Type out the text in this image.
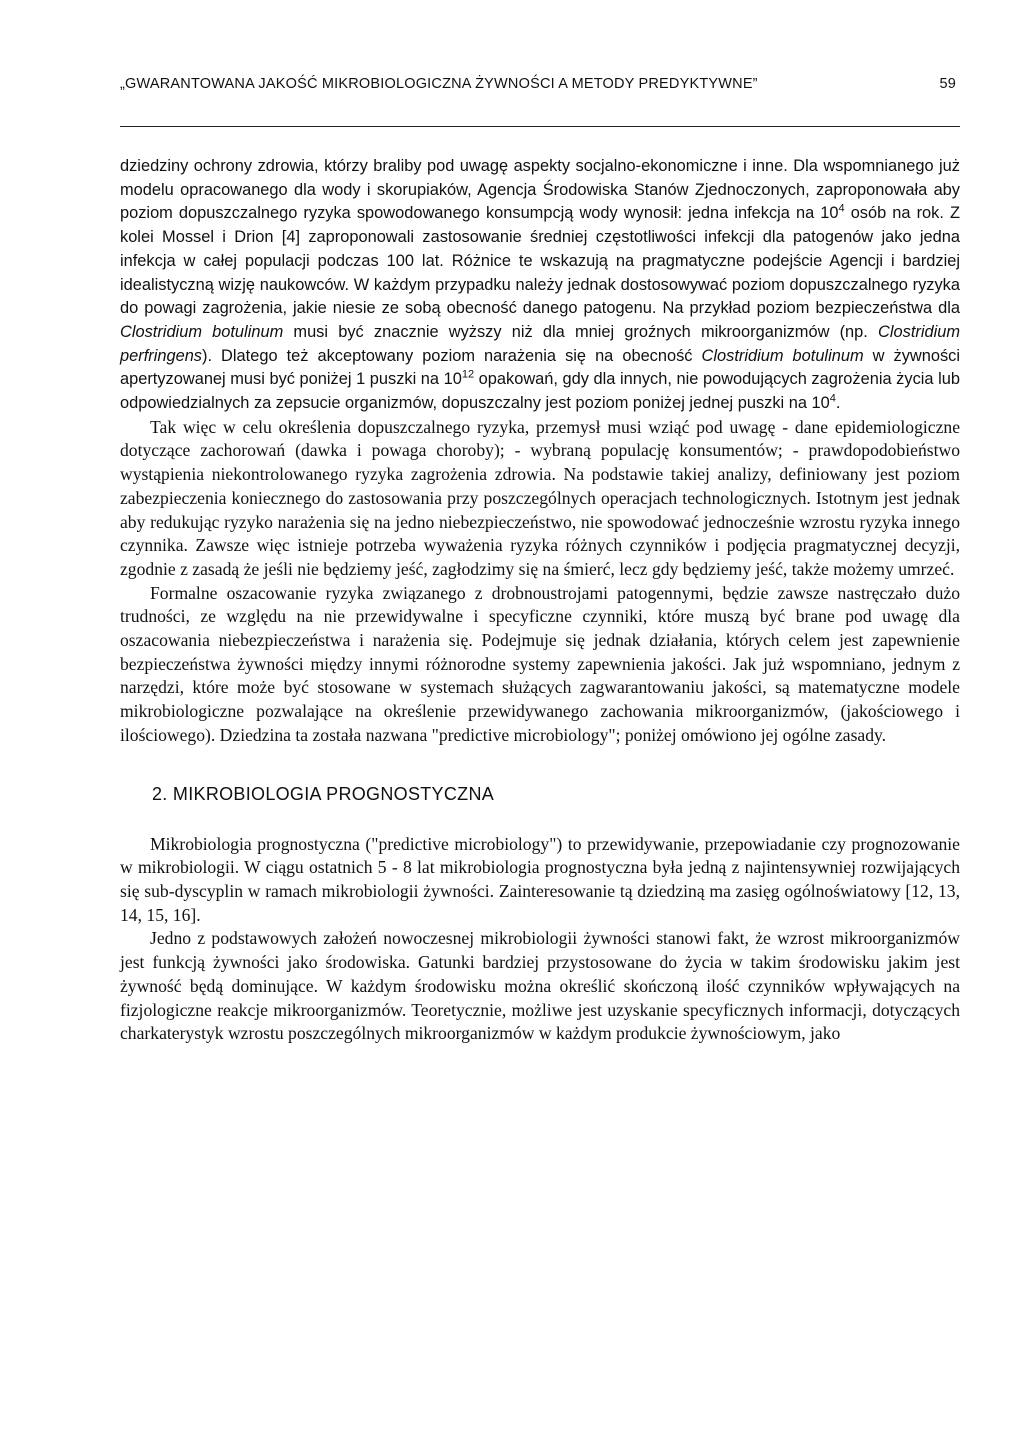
„GWARANTOWANA JAKOŚĆ MIKROBIOLOGICZNA ŻYWNOŚCI A METODY PREDYKTYWNE”	59

dziedziny ochrony zdrowia, którzy braliby pod uwagę aspekty socjalno-ekonomiczne i inne. Dla wspomnianego już modelu opracowanego dla wody i skorupiaków, Agencja Środowiska Stanów Zjednoczonych, zaproponowała aby poziom dopuszczalnego ryzyka spowodowanego konsumpcją wody wynosił: jedna infekcja na $10^4$ osób na rok. Z kolei Mossel i Drion [4] zaproponowali zastosowanie średniej częstotliwości infekcji dla patogenów jako jedna infekcja w całej populacji podczas 100 lat. Różnice te wskazują na pragmatyczne podejście Agencji i bardziej idealistyczną wizję naukowców. W każdym przypadku należy jednak dostosowywać poziom dopuszczalnego ryzyka do powagi zagrożenia, jakie niesie ze sobą obecność danego patogenu. Na przykład poziom bezpieczeństwa dla Clostridium botulinum musi być znacznie wyższy niż dla mniej groźnych mikroorganizmów (np. Clostridium perfringens). Dlatego też akceptowany poziom narażenia się na obecność Clostridium botulinum w żywności apertyzowanej musi być poniżej 1 puszki na $10^{12}$ opakowań, gdy dla innych, nie powodujących zagrożenia życia lub odpowiedzialnych za zepsucie organizmów, dopuszczalny jest poziom poniżej jednej puszki na $10^4$.

Tak więc w celu określenia dopuszczalnego ryzyka, przemysł musi wziąć pod uwagę - dane epidemiologiczne dotyczące zachorowań (dawka i powaga choroby); - wybraną populację konsumentów; - prawdopodobieństwo wystąpienia niekontrolowanego ryzyka zagrożenia zdrowia. Na podstawie takiej analizy, definiowany jest poziom zabezpieczenia koniecznego do zastosowania przy poszczególnych operacjach technologicznych. Istotnym jest jednak aby redukując ryzyko narażenia się na jedno niebezpieczeństwo, nie spowodować jednocześnie wzrostu ryzyka innego czynnika. Zawsze więc istnieje potrzeba wyważenia ryzyka różnych czynników i podjęcia pragmatycznej decyzji, zgodnie z zasadą że jeśli nie będziemy jeść, zagłodzimy się na śmierć, lecz gdy będziemy jeść, także możemy umrzeć.

Formalne oszacowanie ryzyka związanego z drobnoustrojami patogennymi, będzie zawsze nastręczało dużo trudności, ze względu na nie przewidywalne i specyficzne czynniki, które muszą być brane pod uwagę dla oszacowania niebezpieczeństwa i narażenia się. Podejmuje się jednak działania, których celem jest zapewnienie bezpieczeństwa żywności między innymi różnorodne systemy zapewnienia jakości. Jak już wspomniano, jednym z narzędzi, które może być stosowane w systemach służących zagwarantowaniu jakości, są matematyczne modele mikrobiologiczne pozwalające na określenie przewidywanego zachowania mikroorganizmów, (jakościowego i ilościowego). Dziedzina ta została nazwana "predictive microbiology"; poniżej omówiono jej ogólne zasady.

2. MIKROBIOLOGIA PROGNOSTYCZNA

Mikrobiologia prognostyczna ("predictive microbiology") to przewidywanie, przepowiadanie czy prognozowanie w mikrobiologii. W ciągu ostatnich 5 - 8 lat mikrobiologia prognostyczna była jedną z najintensywniej rozwijających się sub-dyscyplin w ramach mikrobiologii żywności. Zainteresowanie tą dziedziną ma zasięg ogólnoświatowy [12, 13, 14, 15, 16].

Jedno z podstawowych założeń nowoczesnej mikrobiologii żywności stanowi fakt, że wzrost mikroorganizmów jest funkcją żywności jako środowiska. Gatunki bardziej przystosowane do życia w takim środowisku jakim jest żywność będą dominujące. W każdym środowisku można określić skończoną ilość czynników wpływających na fizjologiczne reakcje mikroorganizmów. Teoretycznie, możliwe jest uzyskanie specyficznych informacji, dotyczących charkaterystyk wzrostu poszczególnych mikroorganizmów w każdym produkcie żywnościowym, jako
